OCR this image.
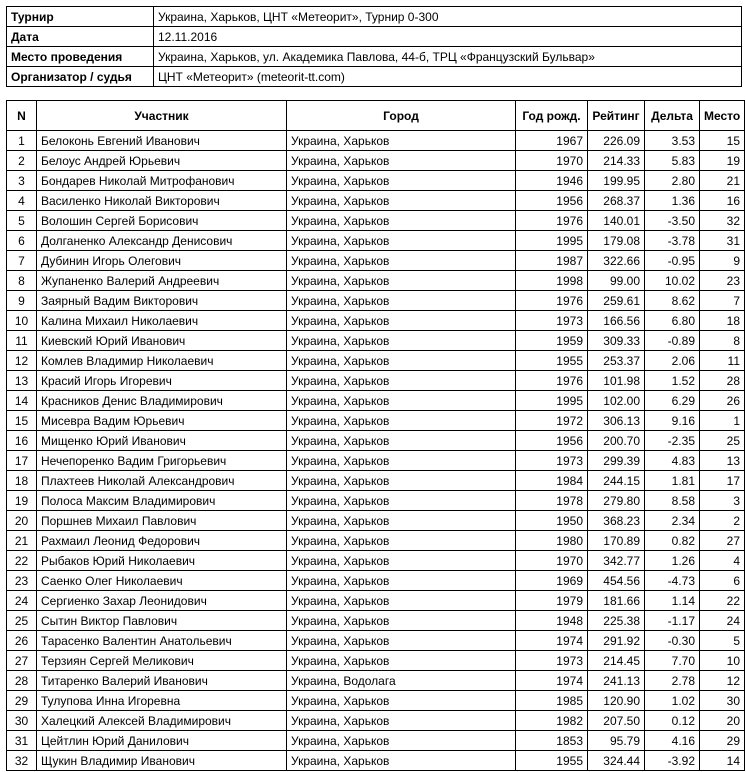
Турнир	Украина, Харьков, ЦНТ «Метеорит», Турнир 0-300
Дата	12.11.2016
Место проведения	Украина, Харьков, ул. Академика Павлова, 44-б, ТРЦ «Французский Бульвар»
Организатор / судья	ЦНТ «Метеорит» (meteorit-tt.com)
N	Участник	Город	Год рожд.	Рейтинг	Дельта	Место
1	Белоконь Евгений Иванович	Украина, Харьков	1967	226.09	3.53	15
2	Белоус Андрей Юрьевич	Украина, Харьков	1970	214.33	5.83	19
3	Бондарев Николай Митрофанович	Украина, Харьков	1946	199.95	2.80	21
4	Василенко Николай Викторович	Украина, Харьков	1956	268.37	1.36	16
5	Волошин Сергей Борисович	Украина, Харьков	1976	140.01	-3.50	32
6	Долганенко Александр Денисович	Украина, Харьков	1995	179.08	-3.78	31
7	Дубинин Игорь Олегович	Украина, Харьков	1987	322.66	-0.95	9
8	Жупаненко Валерий Андреевич	Украина, Харьков	1998	99.00	10.02	23
9	Заярный Вадим Викторович	Украина, Харьков	1976	259.61	8.62	7
10	Калина Михаил Николаевич	Украина, Харьков	1973	166.56	6.80	18
11	Киевский Юрий Иванович	Украина, Харьков	1959	309.33	-0.89	8
12	Комлев Владимир Николаевич	Украина, Харьков	1955	253.37	2.06	11
13	Красий Игорь Игоревич	Украина, Харьков	1976	101.98	1.52	28
14	Красников Денис Владимирович	Украина, Харьков	1995	102.00	6.29	26
15	Мисевра Вадим Юрьевич	Украина, Харьков	1972	306.13	9.16	1
16	Мищенко Юрий Иванович	Украина, Харьков	1956	200.70	-2.35	25
17	Нечепоренко Вадим Григорьевич	Украина, Харьков	1973	299.39	4.83	13
18	Плахтеев Николай Александрович	Украина, Харьков	1984	244.15	1.81	17
19	Полоса Максим Владимирович	Украина, Харьков	1978	279.80	8.58	3
20	Поршнев Михаил Павлович	Украина, Харьков	1950	368.23	2.34	2
21	Рахмаил Леонид Федорович	Украина, Харьков	1980	170.89	0.82	27
22	Рыбаков Юрий Николаевич	Украина, Харьков	1970	342.77	1.26	4
23	Саенко Олег Николаевич	Украина, Харьков	1969	454.56	-4.73	6
24	Сергиенко Захар Леонидович	Украина, Харьков	1979	181.66	1.14	22
25	Сытин Виктор Павлович	Украина, Харьков	1948	225.38	-1.17	24
26	Тарасенко Валентин Анатольевич	Украина, Харьков	1974	291.92	-0.30	5
27	Терзиян Сергей Меликович	Украина, Харьков	1973	214.45	7.70	10
28	Титаренко Валерий Иванович	Украина, Водолага	1974	241.13	2.78	12
29	Тулупова Инна Игоревна	Украина, Харьков	1985	120.90	1.02	30
30	Халецкий Алексей Владимирович	Украина, Харьков	1982	207.50	0.12	20
31	Цейтлин Юрий Данилович	Украина, Харьков	1853	95.79	4.16	29
32	Щукин Владимир Иванович	Украина, Харьков	1955	324.44	-3.92	14
